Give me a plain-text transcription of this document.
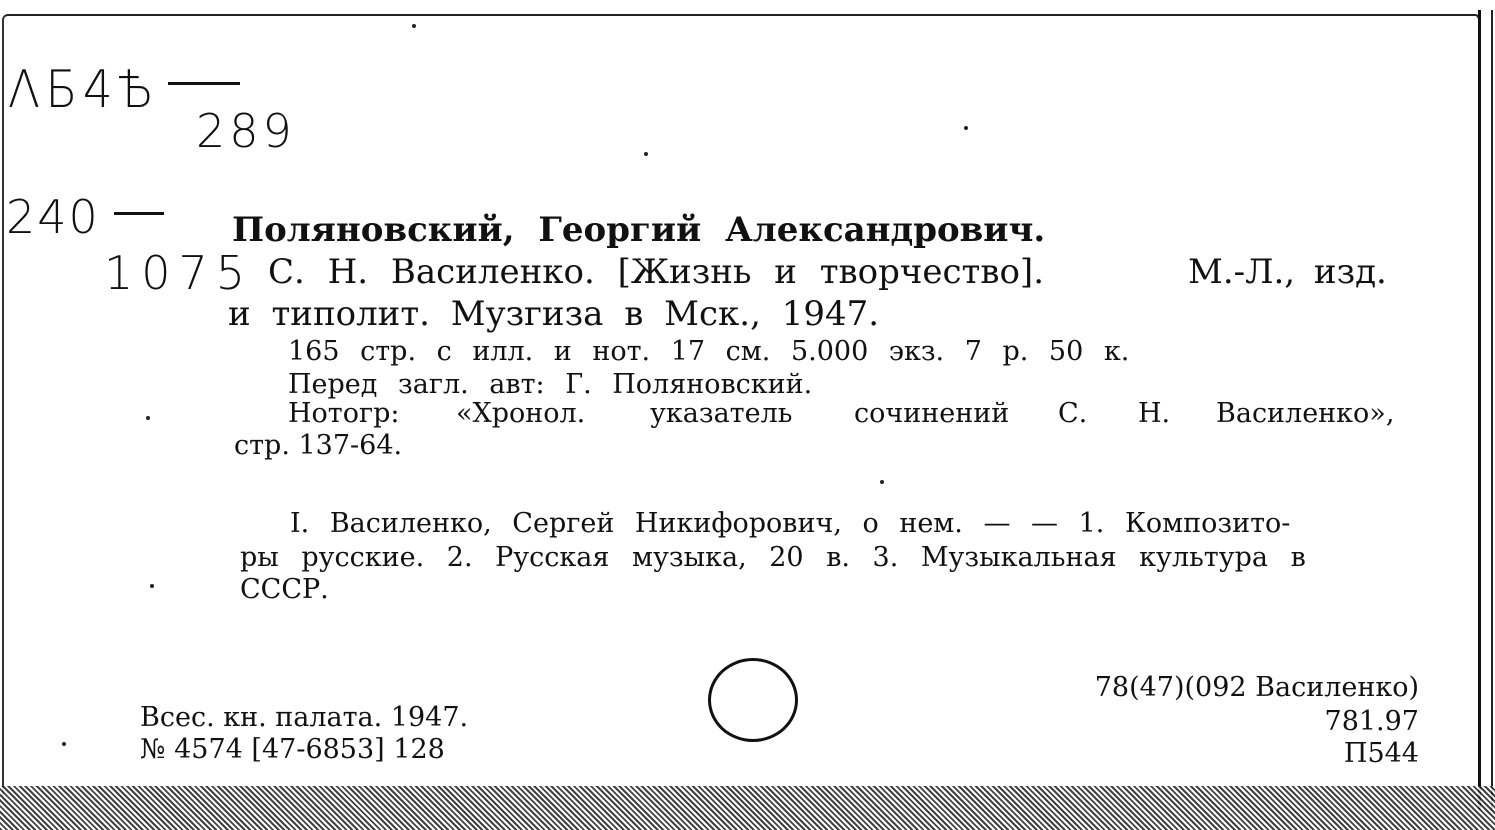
ΛБ4Ѣ
289
240
1075
Поляновский, Георгий Александрович.
С. Н. Василенко. [Жизнь и творчество].	М.-Л., изд.
и типолит. Музгиза в Мск., 1947.
165 стр. с илл. и нот. 17 см. 5.000 экз. 7 р. 50 к.
Перед загл. авт: Г. Поляновский.
Нотогр: «Хронол. указатель сочинений С. Н. Василенко»,
стр. 137-64.
I. Василенко, Сергей Никифорович, о нем. — — 1. Композито-
ры русские. 2. Русская музыка, 20 в. 3. Музыкальная культура в
СССР.
Всес. кн. палата. 1947.
№ 4574 [47-6853] 128
78(47)(092 Василенко)
781.97
П544
